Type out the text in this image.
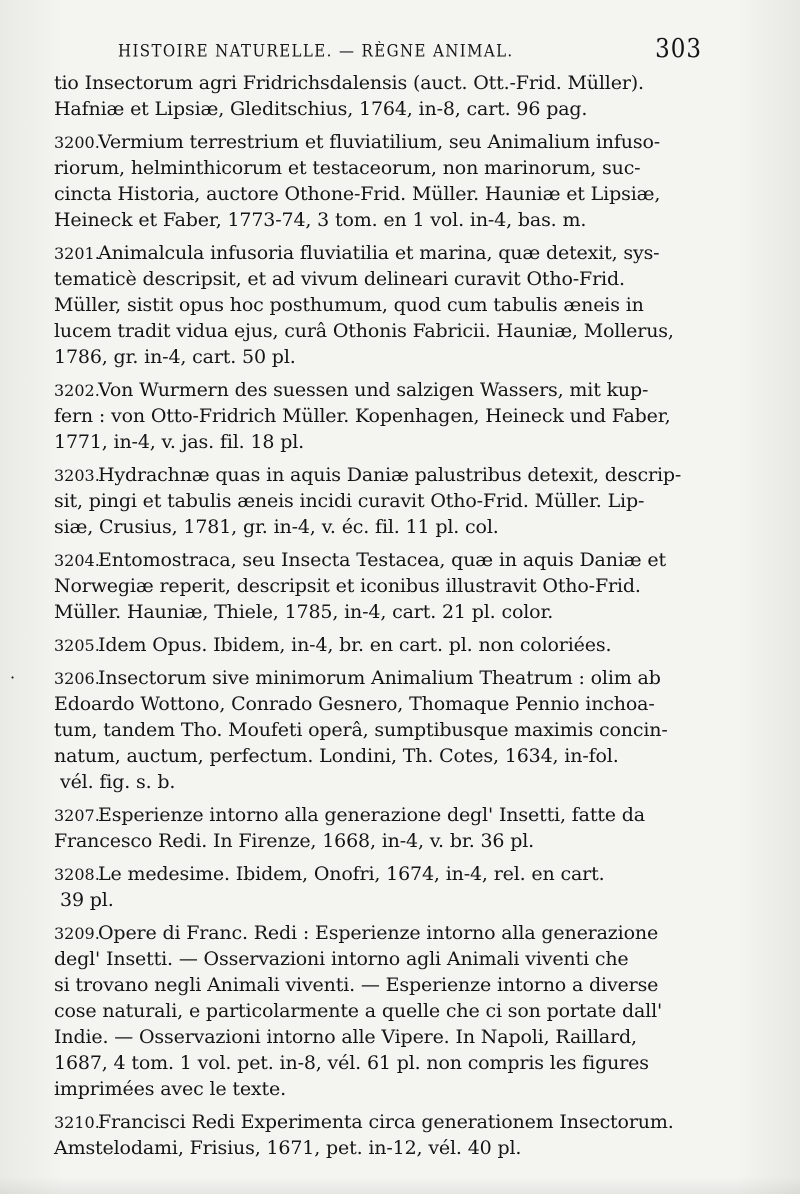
HISTOIRE NATURELLE. — RÈGNE ANIMAL.	303
tio Insectorum agri Fridrichsdalensis (auct. Ott.-Frid. Müller).
Hafniæ et Lipsiæ, Gleditschius, 1764, in-8, cart. 96 pag.
3200.Vermium terrestrium et fluviatilium, seu Animalium infuso-
riorum, helminthicorum et testaceorum, non marinorum, suc-
cincta Historia, auctore Othone-Frid. Müller. Hauniæ et Lipsiæ,
Heineck et Faber, 1773-74, 3 tom. en 1 vol. in-4, bas. m.
3201.Animalcula infusoria fluviatilia et marina, quæ detexit, sys-
tematicè descripsit, et ad vivum delineari curavit Otho-Frid.
Müller, sistit opus hoc posthumum, quod cum tabulis æneis in
lucem tradit vidua ejus, curâ Othonis Fabricii. Hauniæ, Mollerus,
1786, gr. in-4, cart. 50 pl.
3202.Von Wurmern des suessen und salzigen Wassers, mit kup-
fern : von Otto-Fridrich Müller. Kopenhagen, Heineck und Faber,
1771, in-4, v. jas. fil. 18 pl.
3203.Hydrachnæ quas in aquis Daniæ palustribus detexit, descrip-
sit, pingi et tabulis æneis incidi curavit Otho-Frid. Müller. Lip-
siæ, Crusius, 1781, gr. in-4, v. éc. fil. 11 pl. col.
3204.Entomostraca, seu Insecta Testacea, quæ in aquis Daniæ et
Norwegiæ reperit, descripsit et iconibus illustravit Otho-Frid.
Müller. Hauniæ, Thiele, 1785, in-4, cart. 21 pl. color.
3205.Idem Opus. Ibidem, in-4, br. en cart. pl. non coloriées.
·	3206.Insectorum sive minimorum Animalium Theatrum : olim ab
Edoardo Wottono, Conrado Gesnero, Thomaque Pennio inchoa-
tum, tandem Tho. Moufeti operâ, sumptibusque maximis concin-
natum, auctum, perfectum. Londini, Th. Cotes, 1634, in-fol.
vél. fig. s. b.
3207.Esperienze intorno alla generazione degl' Insetti, fatte da
Francesco Redi. In Firenze, 1668, in-4, v. br. 36 pl.
3208.Le medesime. Ibidem, Onofri, 1674, in-4, rel. en cart.
39 pl.
3209.Opere di Franc. Redi : Esperienze intorno alla generazione
degl' Insetti. — Osservazioni intorno agli Animali viventi che
si trovano negli Animali viventi. — Esperienze intorno a diverse
cose naturali, e particolarmente a quelle che ci son portate dall'
Indie. — Osservazioni intorno alle Vipere. In Napoli, Raillard,
1687, 4 tom. 1 vol. pet. in-8, vél. 61 pl. non compris les figures
imprimées avec le texte.
3210.Francisci Redi Experimenta circa generationem Insectorum.
Amstelodami, Frisius, 1671, pet. in-12, vél. 40 pl.
